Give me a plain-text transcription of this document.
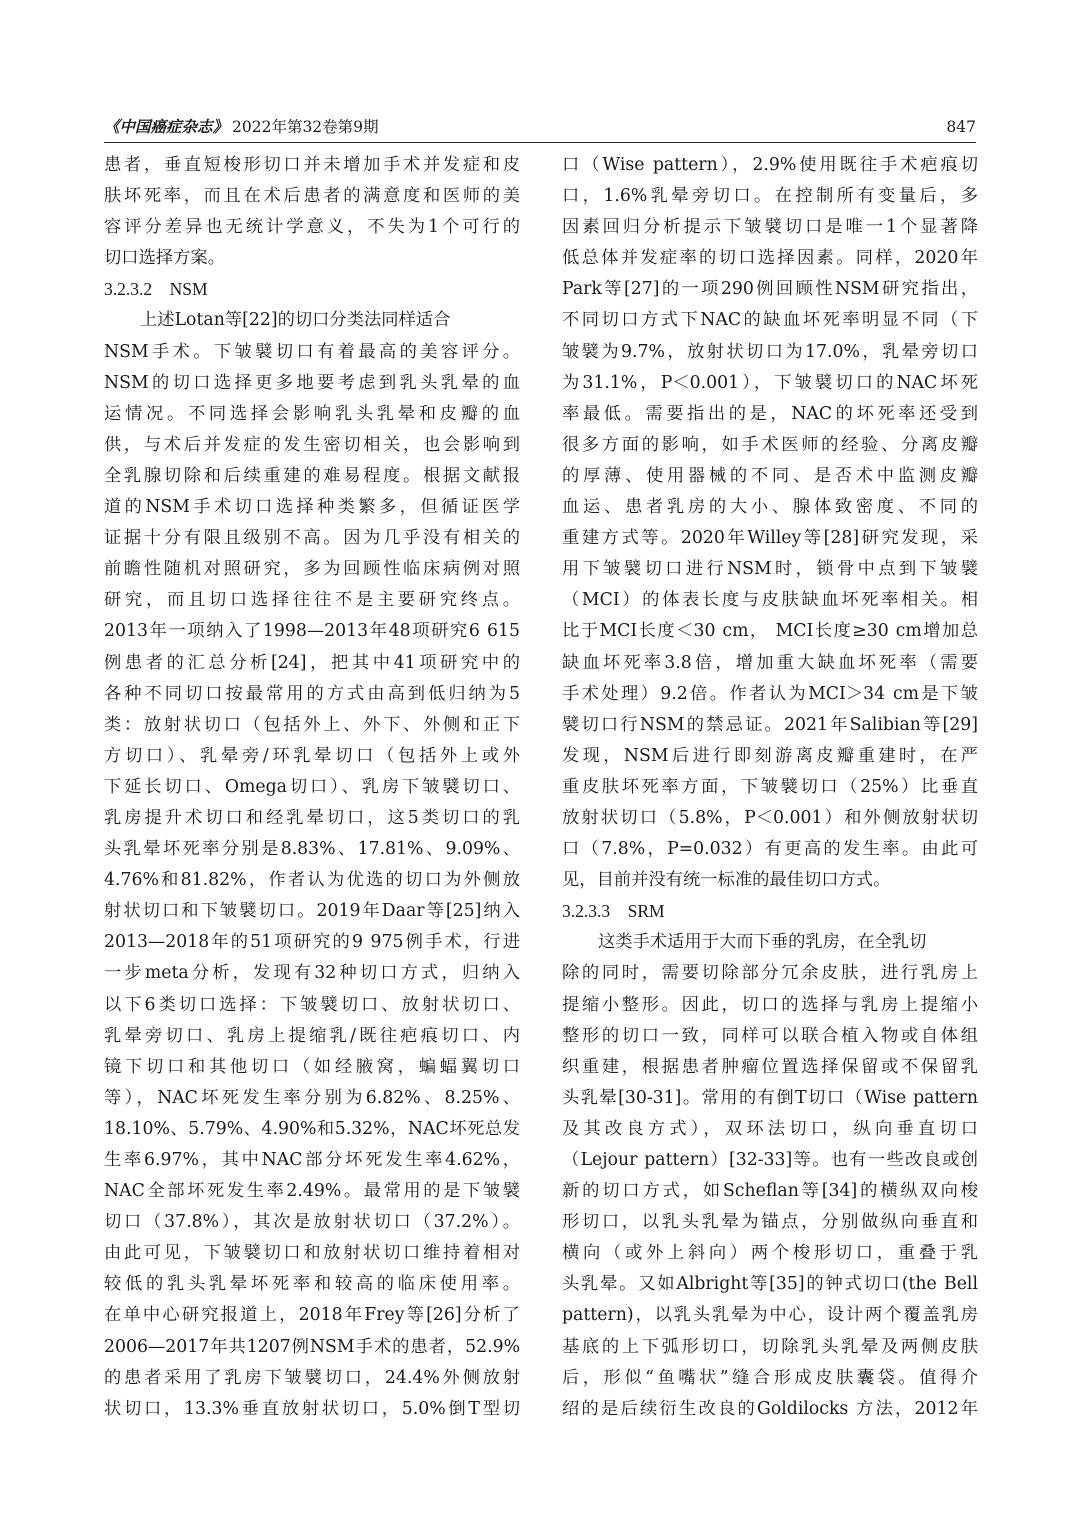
《中国癌症杂志》 2022年第32卷第9期	847
患者，垂直短梭形切口并未增加手术并发症和皮
肤坏死率，而且在术后患者的满意度和医师的美
容评分差异也无统计学意义，不失为1个可行的
切口选择方案。
3.2.3.2　NSM
上述Lotan等[22]的切口分类法同样适合
NSM手术。下皱襞切口有着最高的美容评分。
NSM的切口选择更多地要考虑到乳头乳晕的血
运情况。不同选择会影响乳头乳晕和皮瓣的血
供，与术后并发症的发生密切相关，也会影响到
全乳腺切除和后续重建的难易程度。根据文献报
道的NSM手术切口选择种类繁多，但循证医学
证据十分有限且级别不高。因为几乎没有相关的
前瞻性随机对照研究，多为回顾性临床病例对照
研究，而且切口选择往往不是主要研究终点。
2013年一项纳入了1998—2013年48项研究6 615
例患者的汇总分析[24]，把其中41项研究中的
各种不同切口按最常用的方式由高到低归纳为5
类：放射状切口（包括外上、外下、外侧和正下
方切口）、乳晕旁/环乳晕切口（包括外上或外
下延长切口、Omega切口）、乳房下皱襞切口、
乳房提升术切口和经乳晕切口，这5类切口的乳
头乳晕坏死率分别是8.83%、17.81%、9.09%、
4.76%和81.82%，作者认为优选的切口为外侧放
射状切口和下皱襞切口。2019年Daar等[25]纳入
2013—2018年的51项研究的9 975例手术，行进
一步meta分析，发现有32种切口方式，归纳入
以下6类切口选择：下皱襞切口、放射状切口、
乳晕旁切口、乳房上提缩乳/既往疤痕切口、内
镜下切口和其他切口（如经腋窝，蝙蝠翼切口
等），NAC坏死发生率分别为6.82%、8.25%、
18.10%、5.79%、4.90%和5.32%，NAC坏死总发
生率6.97%，其中NAC部分坏死发生率4.62%，
NAC全部坏死发生率2.49%。最常用的是下皱襞
切口（37.8%），其次是放射状切口（37.2%）。
由此可见，下皱襞切口和放射状切口维持着相对
较低的乳头乳晕坏死率和较高的临床使用率。
在单中心研究报道上，2018年Frey等[26]分析了
2006—2017年共1207例NSM手术的患者，52.9%
的患者采用了乳房下皱襞切口，24.4%外侧放射
状切口，13.3%垂直放射状切口，5.0%倒T型切
口（Wise pattern），2.9%使用既往手术疤痕切
口，1.6%乳晕旁切口。在控制所有变量后，多
因素回归分析提示下皱襞切口是唯一1个显著降
低总体并发症率的切口选择因素。同样，2020年
Park等[27]的一项290例回顾性NSM研究指出，
不同切口方式下NAC的缺血坏死率明显不同（下
皱襞为9.7%，放射状切口为17.0%，乳晕旁切口
为31.1%，P＜0.001），下皱襞切口的NAC坏死
率最低。需要指出的是，NAC的坏死率还受到
很多方面的影响，如手术医师的经验、分离皮瓣
的厚薄、使用器械的不同、是否术中监测皮瓣
血运、患者乳房的大小、腺体致密度、不同的
重建方式等。2020年Willey等[28]研究发现，采
用下皱襞切口进行NSM时，锁骨中点到下皱襞
（MCI）的体表长度与皮肤缺血坏死率相关。相
比于MCI长度＜30 cm， MCI长度≥30 cm增加总
缺血坏死率3.8倍，增加重大缺血坏死率（需要
手术处理）9.2倍。作者认为MCI＞34 cm是下皱
襞切口行NSM的禁忌证。2021年Salibian等[29]
发现，NSM后进行即刻游离皮瓣重建时，在严
重皮肤坏死率方面，下皱襞切口（25%）比垂直
放射状切口（5.8%，P＜0.001）和外侧放射状切
口（7.8%，P=0.032）有更高的发生率。由此可
见，目前并没有统一标准的最佳切口方式。
3.2.3.3　SRM
这类手术适用于大而下垂的乳房，在全乳切
除的同时，需要切除部分冗余皮肤，进行乳房上
提缩小整形。因此，切口的选择与乳房上提缩小
整形的切口一致，同样可以联合植入物或自体组
织重建，根据患者肿瘤位置选择保留或不保留乳
头乳晕[30-31]。常用的有倒T切口（Wise pattern
及其改良方式），双环法切口，纵向垂直切口
（Lejour pattern）[32-33]等。也有一些改良或创
新的切口方式，如Scheflan等[34]的横纵双向梭
形切口，以乳头乳晕为锚点，分别做纵向垂直和
横向（或外上斜向）两个梭形切口，重叠于乳
头乳晕。又如Albright等[35]的钟式切口(the Bell
pattern)，以乳头乳晕为中心，设计两个覆盖乳房
基底的上下弧形切口，切除乳头乳晕及两侧皮肤
后，形似“鱼嘴状”缝合形成皮肤囊袋。值得介
绍的是后续衍生改良的Goldilocks 方法，2012年
